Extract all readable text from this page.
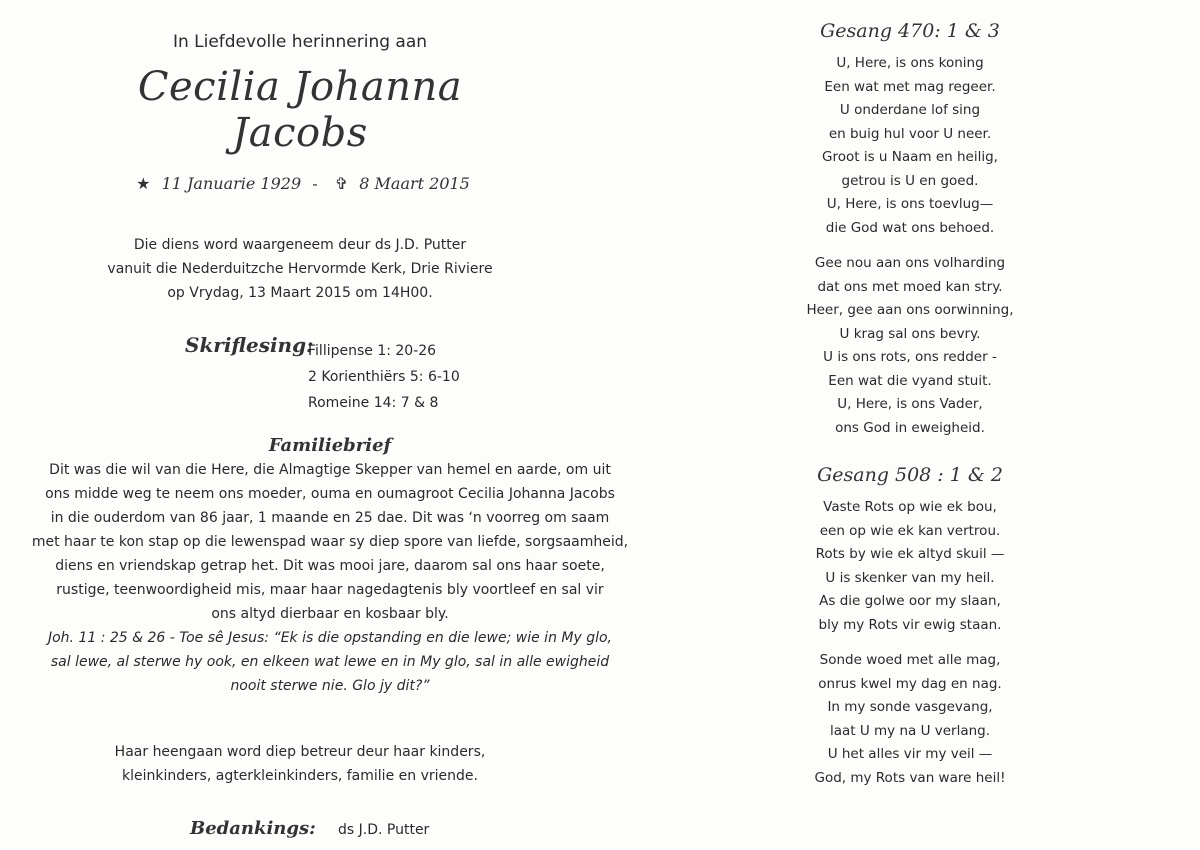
In Liefdevolle herinnering aan
Cecilia Johanna Jacobs
★ 11 Januarie 1929 - ✞ 8 Maart 2015
Die diens word waargeneem deur ds J.D. Putter
vanuit die Nederduitzche Hervormde Kerk, Drie Riviere
op Vrydag, 13 Maart 2015 om 14H00.
Skriflesing:
Fillipense 1: 20-26
2 Korienthiërs 5: 6-10
Romeine 14: 7 & 8
Familiebrief
Dit was die wil van die Here, die Almagtige Skepper van hemel en aarde, om uit
ons midde weg te neem ons moeder, ouma en oumagroot Cecilia Johanna Jacobs
in die ouderdom van 86 jaar, 1 maande en 25 dae. Dit was ‘n voorreg om saam
met haar te kon stap op die lewenspad waar sy diep spore van liefde, sorgsaamheid,
diens en vriendskap getrap het. Dit was mooi jare, daarom sal ons haar soete,
rustige, teenwoordigheid mis, maar haar nagedagtenis bly voortleef en sal vir
ons altyd dierbaar en kosbaar bly.
Joh. 11 : 25 & 26 - Toe sê Jesus: “Ek is die opstanding en die lewe; wie in My glo,
sal lewe, al sterwe hy ook, en elkeen wat lewe en in My glo, sal in alle ewigheid
nooit sterwe nie. Glo jy dit?”
Haar heengaan word diep betreur deur haar kinders,
kleinkinders, agterkleinkinders, familie en vriende.
Bedankings: ds J.D. Putter
Gesang 470: 1 & 3
U, Here, is ons koning
Een wat met mag regeer.
U onderdane lof sing
en buig hul voor U neer.
Groot is u Naam en heilig,
getrou is U en goed.
U, Here, is ons toevlug—
die God wat ons behoed.
Gee nou aan ons volharding
dat ons met moed kan stry.
Heer, gee aan ons oorwinning,
U krag sal ons bevry.
U is ons rots, ons redder -
Een wat die vyand stuit.
U, Here, is ons Vader,
ons God in eweigheid.
Gesang 508 : 1 & 2
Vaste Rots op wie ek bou,
een op wie ek kan vertrou.
Rots by wie ek altyd skuil —
U is skenker van my heil.
As die golwe oor my slaan,
bly my Rots vir ewig staan.
Sonde woed met alle mag,
onrus kwel my dag en nag.
In my sonde vasgevang,
laat U my na U verlang.
U het alles vir my veil —
God, my Rots van ware heil!
